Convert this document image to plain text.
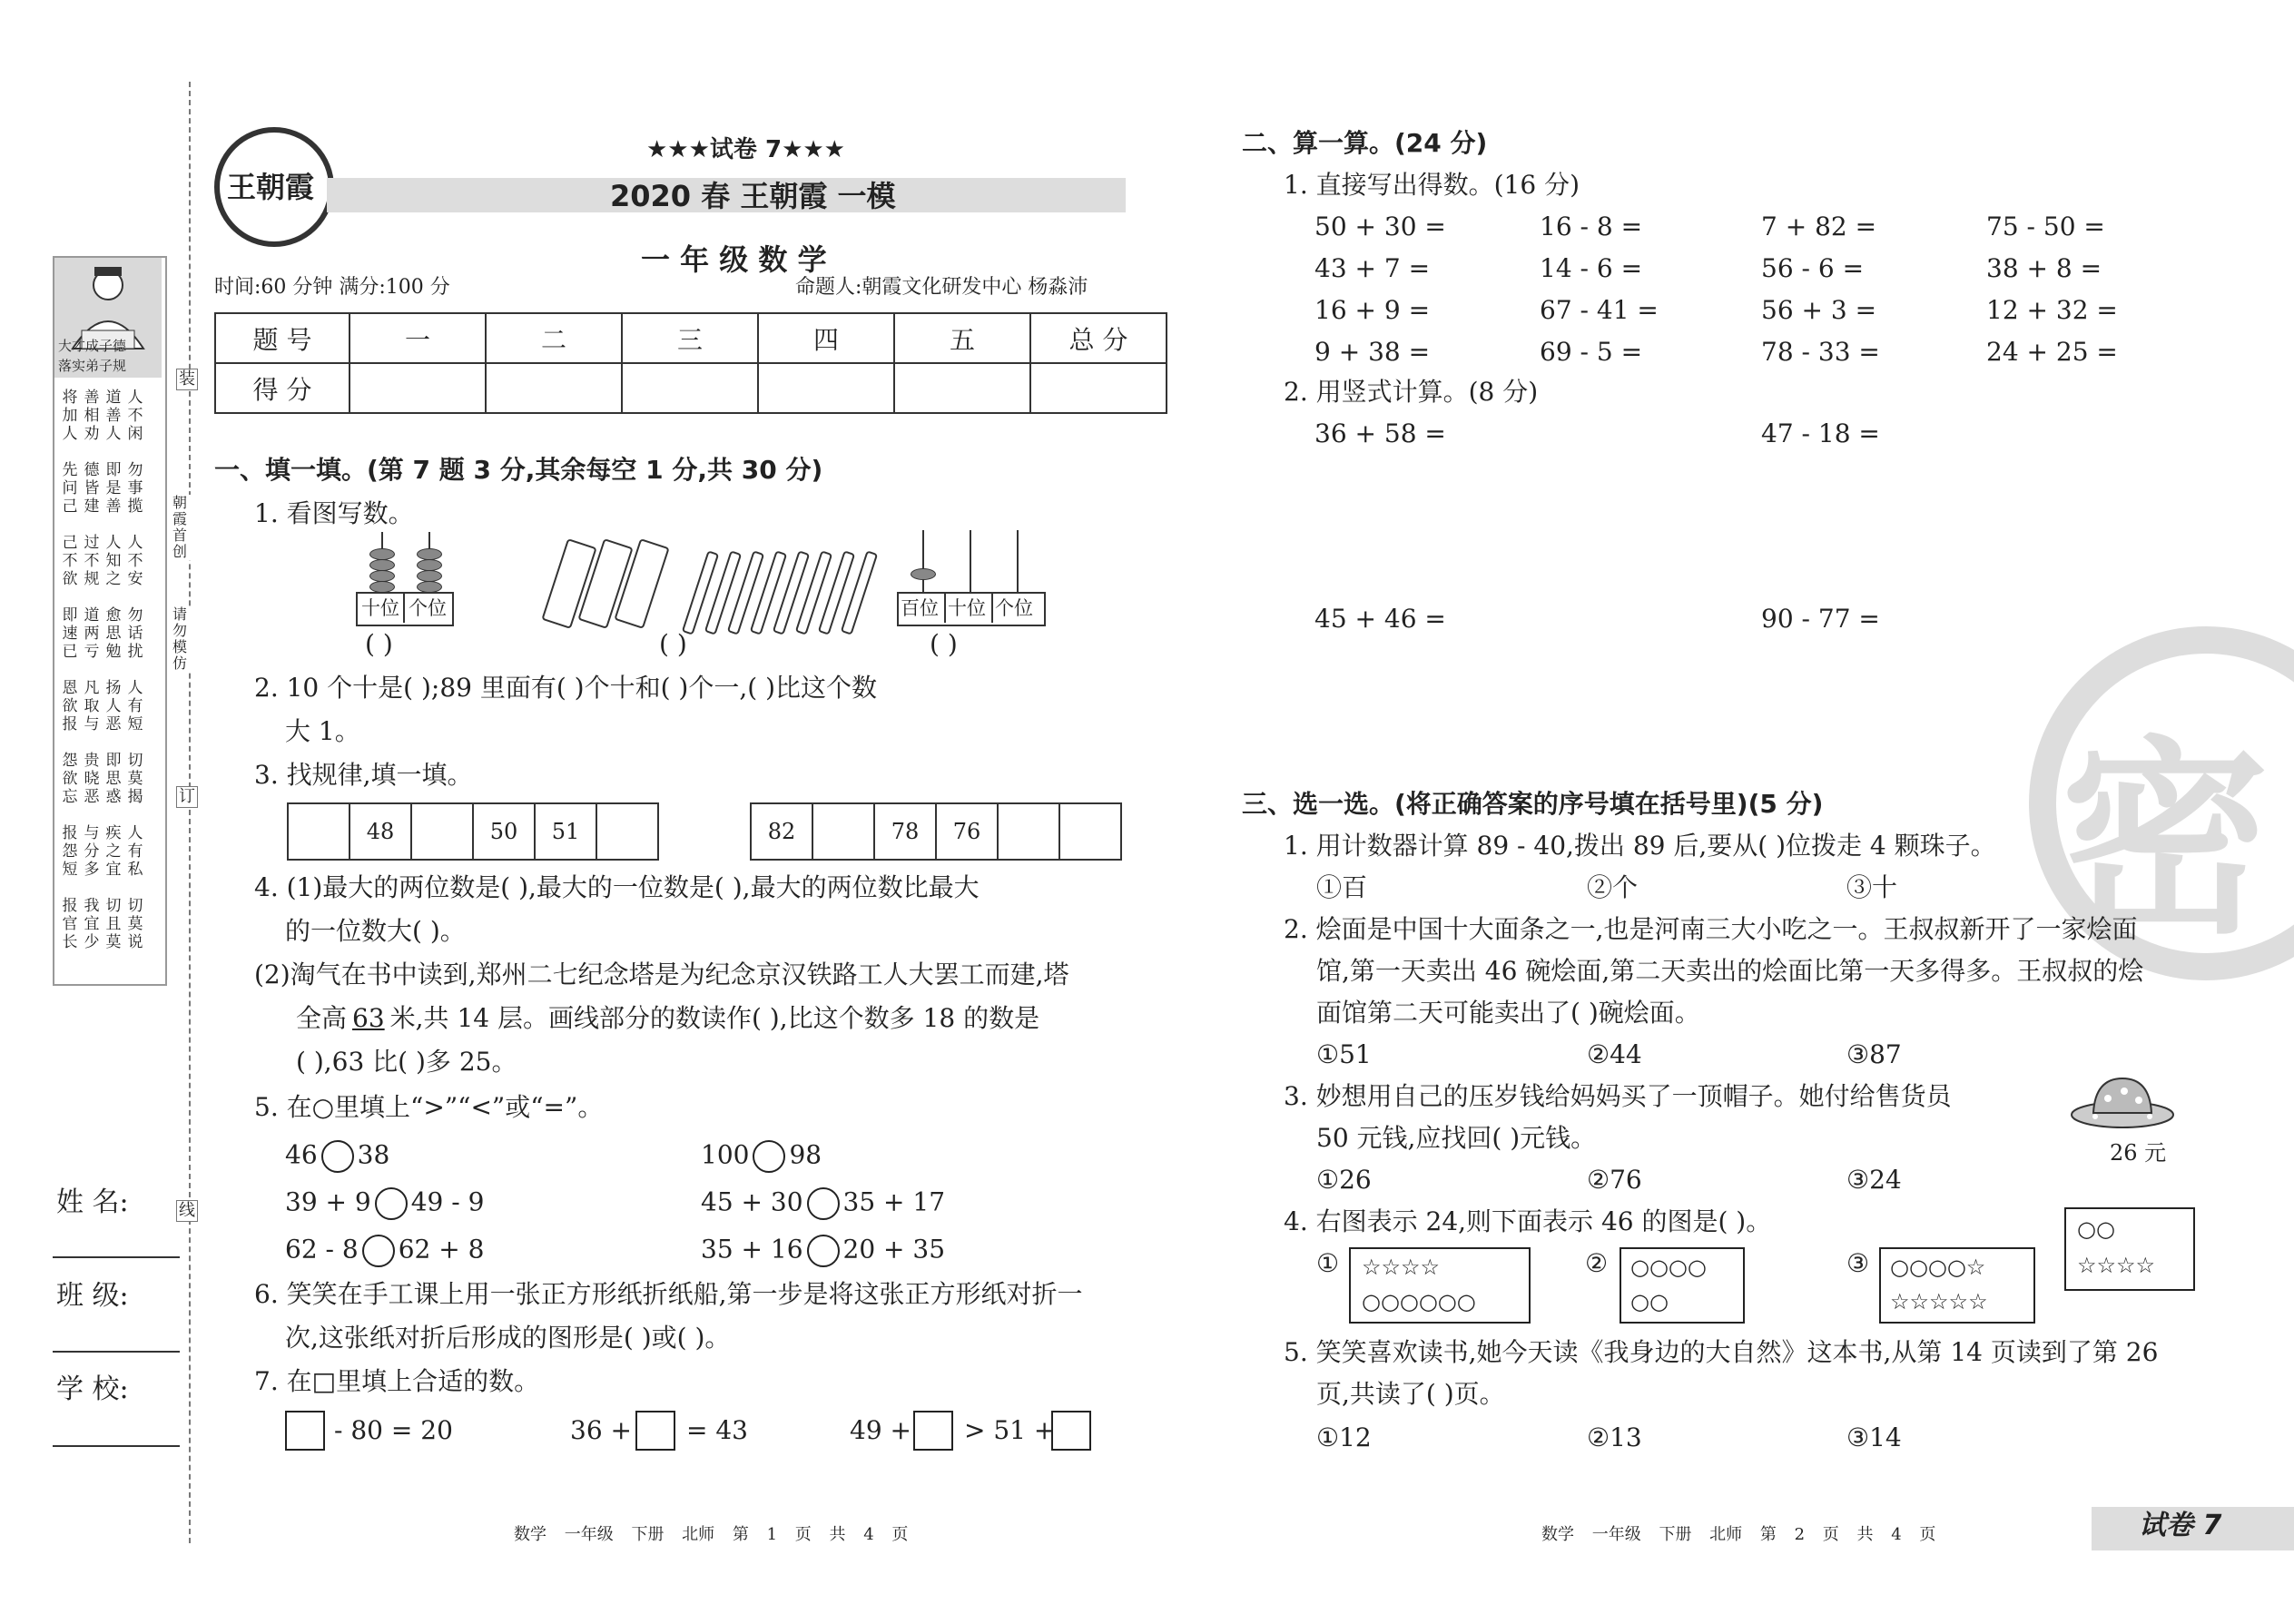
装
朝霞首创
请勿模仿
订
线
大才成子德
落实弟子规
将加人
善相劝
道善人
人不闲
先问己
德皆建
即是善
勿事揽
己不欲
过不规
人知之
人不安
即速已
道两亏
愈思勉
勿话扰
恩欲报
凡取与
扬人恶
人有短
怨欲忘
贵晓恶
即思惑
切莫揭
报怨短
与分多
疾之宜
人有私
报官长
我宜少
切且莫
切莫说
姓 名:
班 级:
学 校:
王朝霞
★★★试卷 7★★★
2020 春 王朝霞 一模
一 年 级 数 学
时间:60 分钟 满分:100 分	命题人:朝霞文化研发中心 杨淼沛
题 号	一	二	三	四	五	总 分
得 分						
一、填一填。(第 7 题 3 分,其余每空 1 分,共 30 分)
1. 看图写数。
十位 个位
( )	( )
百位 十位 个位
( )
2. 10 个十是( );89 里面有( )个十和( )个一,( )比这个数
大 1。
3. 找规律,填一填。
	48		50	51		82		78	76		
4. (1)最大的两位数是( ),最大的一位数是( ),最大的两位数比最大
的一位数大( )。
(2)淘气在书中读到,郑州二七纪念塔是为纪念京汉铁路工人大罢工而建,塔
全高 63 米,共 14 层。画线部分的数读作( ),比这个数多 18 的数是
( ),63 比( )多 25。
5. 在○里填上“>”“<”或“=”。
46 38	100 98
39 + 9 49 - 9	45 + 30 35 + 17
62 - 8 62 + 8	35 + 16 20 + 35
6. 笑笑在手工课上用一张正方形纸折纸船,第一步是将这张正方形纸对折一
次,这张纸对折后形成的图形是( )或( )。
7. 在□里填上合适的数。
- 80 = 20	36 + = 43	49 + > 51 +
数学 一年级 下册 北师 第 1 页 共 4 页
二、算一算。(24 分)
1. 直接写出得数。(16 分)
50 + 30 =	16 - 8 =	7 + 82 =	75 - 50 =
43 + 7 =	14 - 6 =	56 - 6 =	38 + 8 =
16 + 9 =	67 - 41 =	56 + 3 =	12 + 32 =
9 + 38 =	69 - 5 =	78 - 33 =	24 + 25 =
2. 用竖式计算。(8 分)
36 + 58 =	47 - 18 =
45 + 46 =	90 - 77 =
密
三、选一选。(将正确答案的序号填在括号里)(5 分)
1. 用计数器计算 89 - 40,拨出 89 后,要从( )位拨走 4 颗珠子。
①百	②个	③十
2. 烩面是中国十大面条之一,也是河南三大小吃之一。王叔叔新开了一家烩面
馆,第一天卖出 46 碗烩面,第二天卖出的烩面比第一天多得多。王叔叔的烩
面馆第二天可能卖出了( )碗烩面。
①51	②44	③87
3. 妙想用自己的压岁钱给妈妈买了一顶帽子。她付给售货员
50 元钱,应找回( )元钱。
①26	②76	③24
26 元
4. 右图表示 24,则下面表示 46 的图是( )。
① ☆☆☆☆
○○○○○○
② ○○○○
○○
③ ○○○○☆
☆☆☆☆☆
○○
☆☆☆☆
5. 笑笑喜欢读书,她今天读《我身边的大自然》这本书,从第 14 页读到了第 26
页,共读了( )页。
①12	②13	③14
数学 一年级 下册 北师 第 2 页 共 4 页	试卷 7
